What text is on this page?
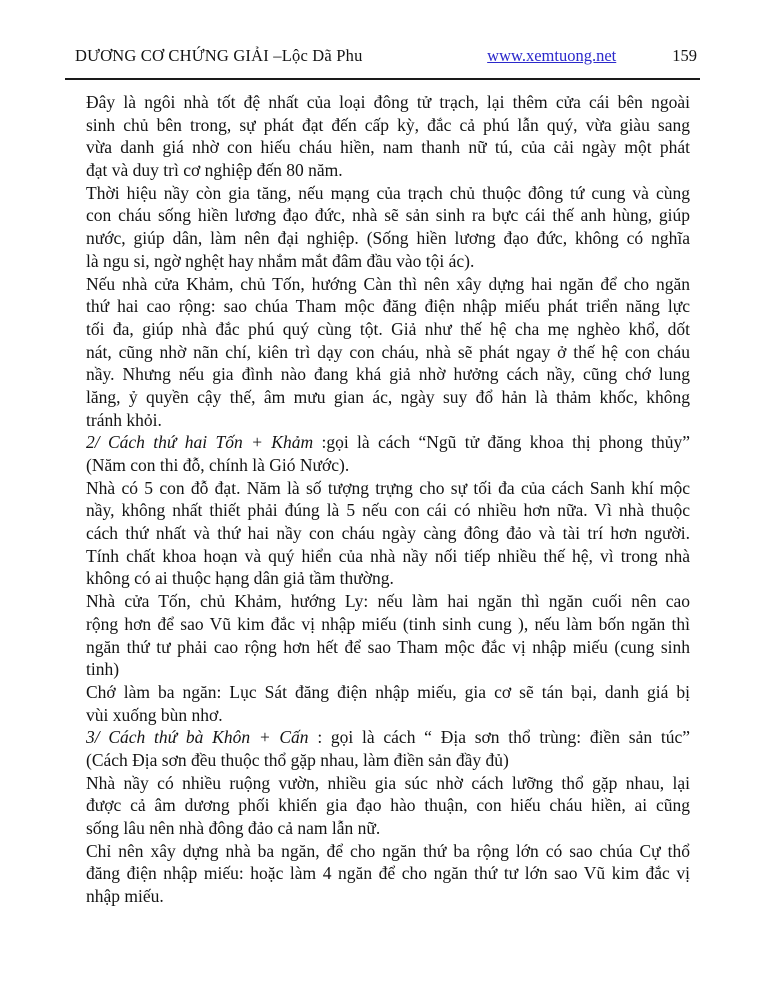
DƯƠNG CƠ CHỨNG GIẢI –Lộc Dã Phu	www.xemtuong.net	159
Đây là ngôi nhà tốt đệ nhất của loại đông tử trạch, lại thêm cửa cái bên ngoài
sinh chủ bên trong, sự phát đạt đến cấp kỳ, đắc cả phú lẫn quý, vừa giàu sang
vừa danh giá nhờ con hiếu cháu hiền, nam thanh nữ tú, của cải ngày một phát
đạt và duy trì cơ nghiệp đến 80 năm.
Thời hiệu nầy còn gia tăng, nếu mạng của trạch chủ thuộc đông tứ cung và cùng
con cháu sống hiền lương đạo đức, nhà sẽ sản sinh ra bực cái thế anh hùng, giúp
nước, giúp dân, làm nên đại nghiệp. (Sống hiền lương đạo đức, không có nghĩa
là ngu si, ngờ nghệt hay nhắm mắt đâm đầu vào tội ác).
Nếu nhà cửa Khảm, chủ Tốn, hướng Càn thì nên xây dựng hai ngăn để cho ngăn
thứ hai cao rộng: sao chúa Tham mộc đăng điện nhập miếu phát triển năng lực
tối đa, giúp nhà đắc phú quý cùng tột. Giả như thế hệ cha mẹ nghèo khổ, dốt
nát, cũng nhờ nãn chí, kiên trì dạy con cháu, nhà sẽ phát ngay ở thế hệ con cháu
nầy. Nhưng nếu gia đình nào đang khá giả nhờ hưởng cách nầy, cũng chớ lung
lăng, ỷ quyền cậy thế, âm mưu gian ác, ngày suy đổ hản là thảm khốc, không
tránh khỏi.
2/ Cách thứ hai Tốn + Khảm :gọi là cách “Ngũ tử đăng khoa thị phong thủy”
(Năm con thi đỗ, chính là Gió Nước).
Nhà có 5 con đỗ đạt. Năm là số tượng trựng cho sự tối đa của cách Sanh khí mộc
nầy, không nhất thiết phải đúng là 5 nếu con cái có nhiều hơn nữa. Vì nhà thuộc
cách thứ nhất và thứ hai nầy con cháu ngày càng đông đảo và tài trí hơn người.
Tính chất khoa hoạn và quý hiển của nhà nầy nối tiếp nhiều thế hệ, vì trong nhà
không có ai thuộc hạng dân giả tầm thường.
Nhà cửa Tốn, chủ Khảm, hướng Ly: nếu làm hai ngăn thì ngăn cuối nên cao
rộng hơn để sao Vũ kim đắc vị nhập miếu (tinh sinh cung ), nếu làm bốn ngăn thì
ngăn thứ tư phải cao rộng hơn hết để sao Tham mộc đắc vị nhập miếu (cung sinh
tinh)
Chớ làm ba ngăn: Lục Sát đăng điện nhập miếu, gia cơ sẽ tán bại, danh giá bị
vùi xuống bùn nhơ.
3/ Cách thứ bà Khôn + Cấn : gọi là cách “ Địa sơn thổ trùng: điền sản túc”
(Cách Địa sơn đều thuộc thổ gặp nhau, làm điền sản đầy đủ)
Nhà nầy có nhiều ruộng vườn, nhiều gia súc nhờ cách lưỡng thổ gặp nhau, lại
được cả âm dương phối khiến gia đạo hào thuận, con hiếu cháu hiền, ai cũng
sống lâu nên nhà đông đảo cả nam lẫn nữ.
Chỉ nên xây dựng nhà ba ngăn, để cho ngăn thứ ba rộng lớn có sao chúa Cự thổ
đăng điện nhập miếu: hoặc làm 4 ngăn để cho ngăn thứ tư lớn sao Vũ kim đắc vị
nhập miếu.
